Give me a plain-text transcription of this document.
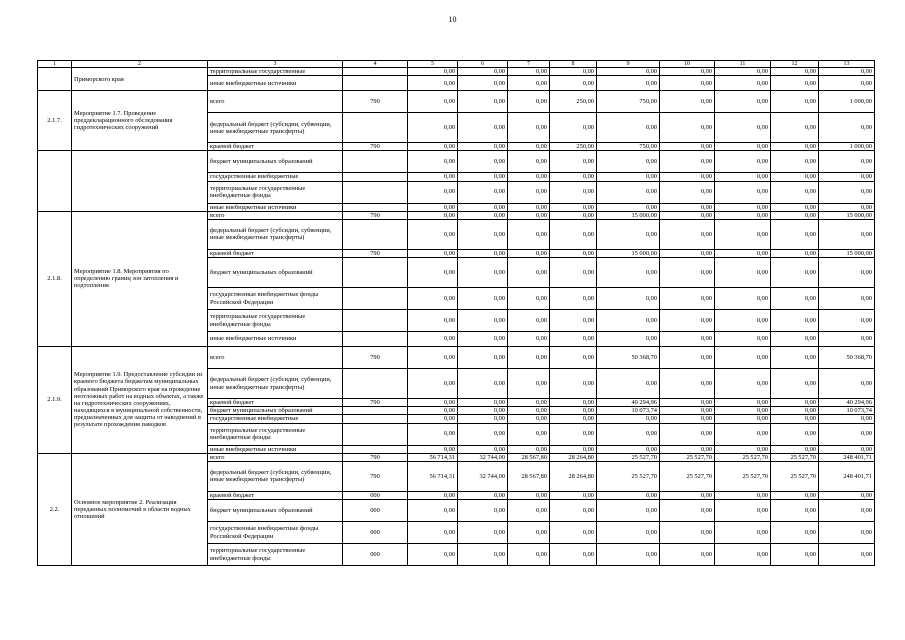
10
1	2	3	4	5	6	7	8	9	10	11	12	13
	Приморского края	территориальные государственные		0,00	0,00	0,00	0,00	0,00	0,00	0,00	0,00	0,00
		иные внебюджетные источники		0,00	0,00	0,00	0,00	0,00	0,00	0,00	0,00	0,00
2.1.7.	Мероприятие 1.7. Проведение преддекларационного обследования гидротехнических сооружений	всего	790	0,00	0,00	0,00	250,00	750,00	0,00	0,00	0,00	1 000,00
		федеральный бюджет (субсидии, субвенции, иные межбюджетные трансферты)		0,00	0,00	0,00	0,00	0,00	0,00	0,00	0,00	0,00
		краевой бюджет	790	0,00	0,00	0,00	250,00	750,00	0,00	0,00	0,00	1 000,00
		бюджет муниципальных образований		0,00	0,00	0,00	0,00	0,00	0,00	0,00	0,00	0,00
		государственные внебюджетные		0,00	0,00	0,00	0,00	0,00	0,00	0,00	0,00	0,00
		территориальные государственные внебюджетные фонды		0,00	0,00	0,00	0,00	0,00	0,00	0,00	0,00	0,00
		иные внебюджетные источники		0,00	0,00	0,00	0,00	0,00	0,00	0,00	0,00	0,00
2.1.8.	Мероприятие 1.8. Мероприятия по определению границ зон затопления и подтопления	всего	790	0,00	0,00	0,00	0,00	15 000,00	0,00	0,00	0,00	15 000,00
		федеральный бюджет (субсидии, субвенции, иные межбюджетные трансферты)		0,00	0,00	0,00	0,00	0,00	0,00	0,00	0,00	0,00
		краевой бюджет	790	0,00	0,00	0,00	0,00	15 000,00	0,00	0,00	0,00	15 000,00
		бюджет муниципальных образований		0,00	0,00	0,00	0,00	0,00	0,00	0,00	0,00	0,00
		государственные внебюджетные фонды Российской Федерации		0,00	0,00	0,00	0,00	0,00	0,00	0,00	0,00	0,00
		территориальные государственные внебюджетные фонды		0,00	0,00	0,00	0,00	0,00	0,00	0,00	0,00	0,00
		иные внебюджетные источники		0,00	0,00	0,00	0,00	0,00	0,00	0,00	0,00	0,00
2.1.9.	Мероприятие 1.9. Предоставление субсидии из краевого бюджета бюджетам муниципальных образований Приморского края на проведение неотложных работ на водных объектах, а также на гидротехнических сооружениях, находящихся в муниципальной собственности, предназначенных для защиты от наводнений в результате прохождения паводков	всего	790	0,00	0,00	0,00	0,00	50 368,70	0,00	0,00	0,00	50 368,70
		федеральный бюджет (субсидии, субвенции, иные межбюджетные трансферты)		0,00	0,00	0,00	0,00	0,00	0,00	0,00	0,00	0,00
		краевой бюджет	790	0,00	0,00	0,00	0,00	40 294,96	0,00	0,00	0,00	40 294,96
		бюджет муниципальных образований		0,00	0,00	0,00	0,00	10 073,74	0,00	0,00	0,00	10 073,74
		государственные внебюджетные		0,00	0,00	0,00	0,00	0,00	0,00	0,00	0,00	0,00
		территориальные государственные внебюджетные фонды		0,00	0,00	0,00	0,00	0,00	0,00	0,00	0,00	0,00
		иные внебюджетные источники		0,00	0,00	0,00	0,00	0,00	0,00	0,00	0,00	0,00
2.2.	Основное мероприятие 2. Реализация переданных полномочий в области водных отношений	всего	790	56 714,31	32 744,00	28 567,80	28 264,80	25 527,70	25 527,70	25 527,70	25 527,70	248 401,71
		федеральный бюджет (субсидии, субвенции, иные межбюджетные трансферты)	790	56 714,31	32 744,00	28 567,80	28 264,80	25 527,70	25 527,70	25 527,70	25 527,70	248 401,71
		краевой бюджет	000	0,00	0,00	0,00	0,00	0,00	0,00	0,00	0,00	0,00
		бюджет муниципальных образований	000	0,00	0,00	0,00	0,00	0,00	0,00	0,00	0,00	0,00
		государственные внебюджетные фонды Российской Федерации	000	0,00	0,00	0,00	0,00	0,00	0,00	0,00	0,00	0,00
		территориальные государственные внебюджетные фонды	000	0,00	0,00	0,00	0,00	0,00	0,00	0,00	0,00	0,00
